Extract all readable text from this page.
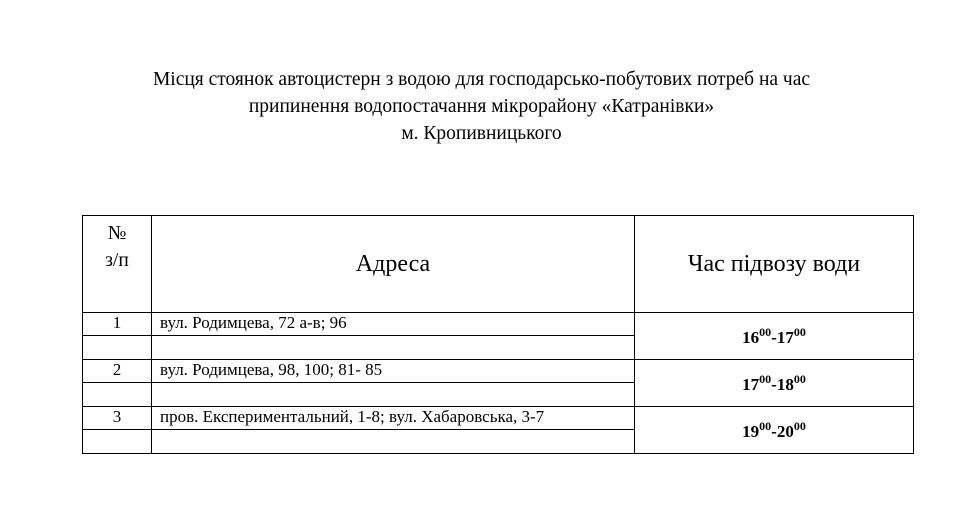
Місця стоянок автоцистерн з водою для господарсько-побутових потреб на час
припинення водопостачання мікрорайону «Катранівки»
м. Кропивницького
№
з/п	Адреса	Час підвозу води
1	вул. Родимцева, 72 а-в; 96	$16^{00}-17^{00}$

2	вул. Родимцева, 98, 100; 81- 85	$17^{00}-18^{00}$

3	пров. Експериментальний, 1-8; вул. Хабаровська, 3-7	$19^{00}-20^{00}$
